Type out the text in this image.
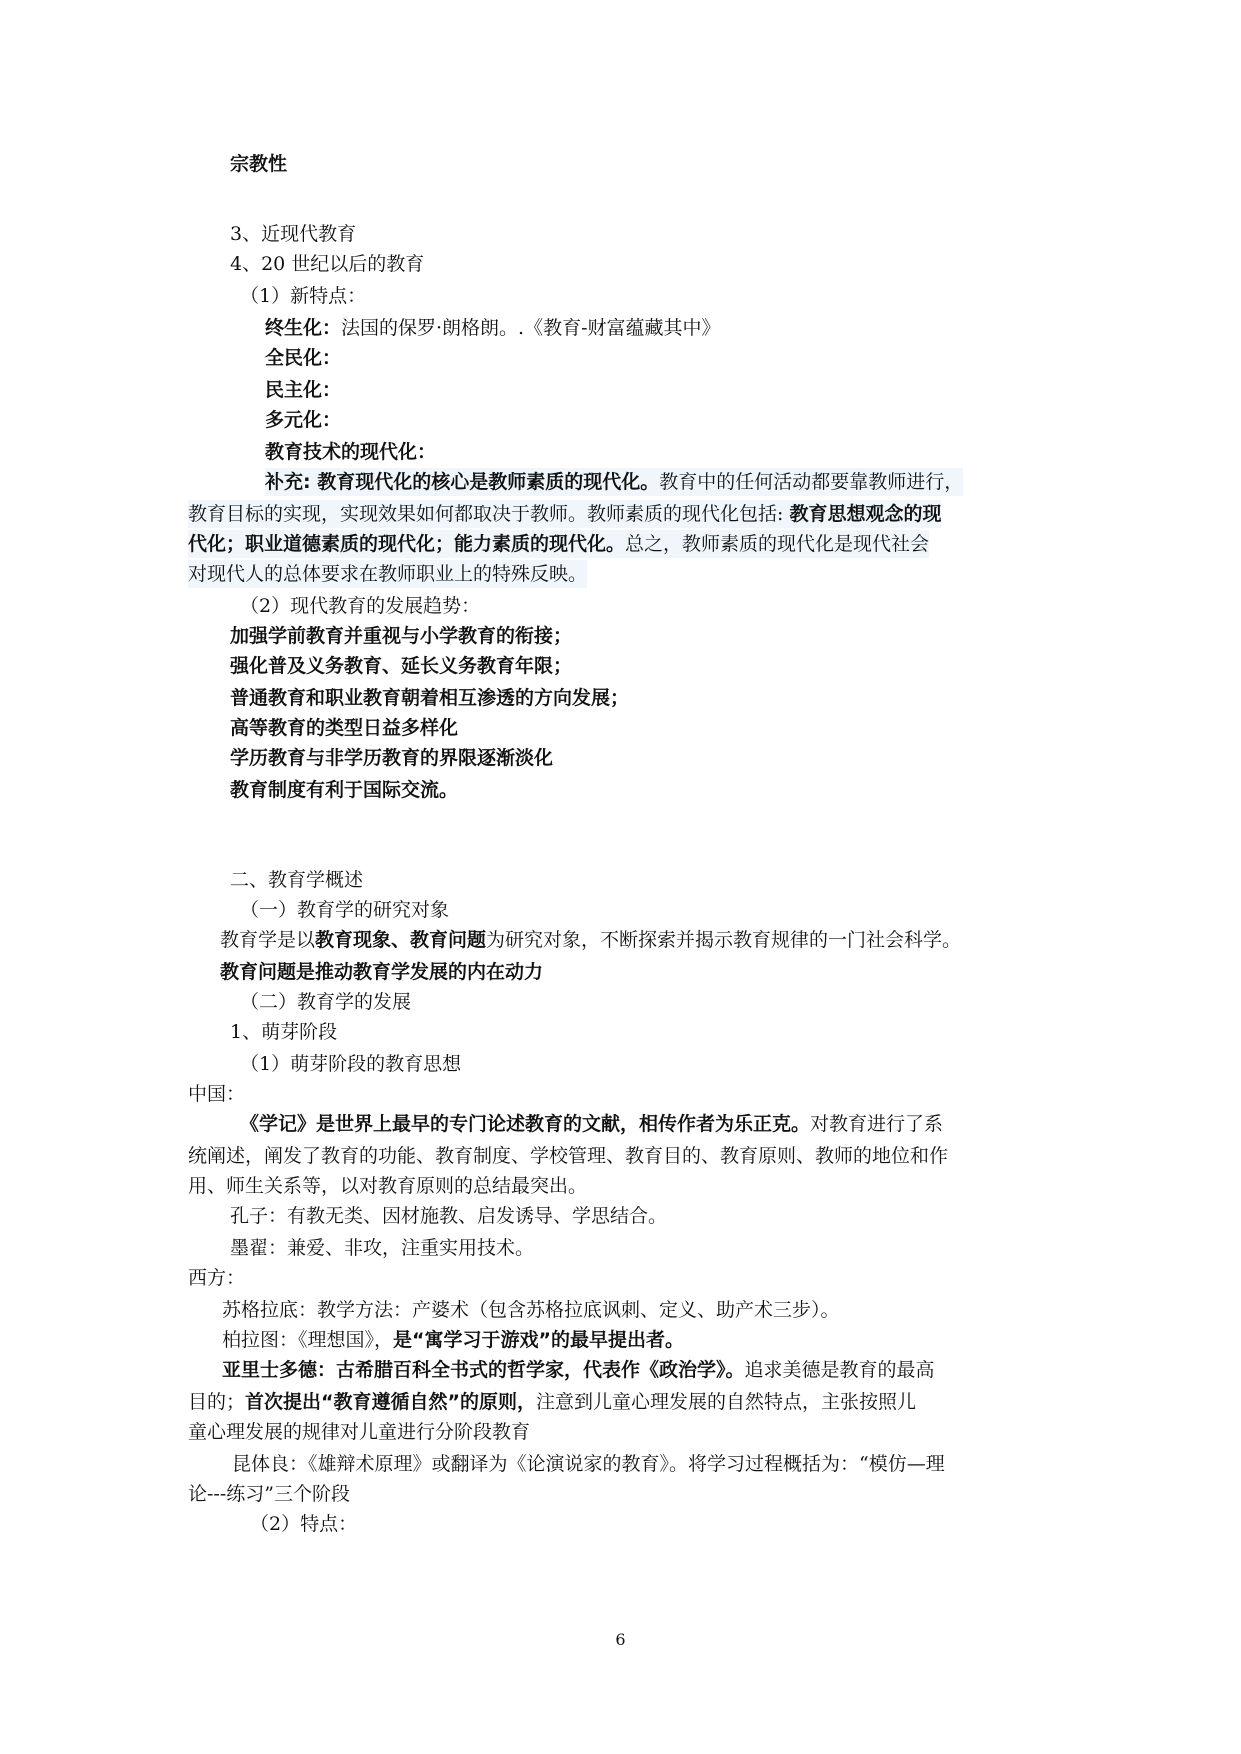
宗教性
3、近现代教育
4、20 世纪以后的教育
（1）新特点：
终生化：法国的保罗·朗格朗。.《教育-财富蕴藏其中》
全民化：
民主化：
多元化：
教育技术的现代化：
补充: 教育现代化的核心是教师素质的现代化。教育中的任何活动都要靠教师进行，
教育目标的实现，实现效果如何都取决于教师。教师素质的现代化包括: 教育思想观念的现
代化；职业道德素质的现代化；能力素质的现代化。总之，教师素质的现代化是现代社会
对现代人的总体要求在教师职业上的特殊反映。
（2）现代教育的发展趋势：
加强学前教育并重视与小学教育的衔接；
强化普及义务教育、延长义务教育年限；
普通教育和职业教育朝着相互渗透的方向发展；
高等教育的类型日益多样化
学历教育与非学历教育的界限逐渐淡化
教育制度有利于国际交流。
二、教育学概述
（一）教育学的研究对象
教育学是以教育现象、教育问题为研究对象，不断探索并揭示教育规律的一门社会科学。
教育问题是推动教育学发展的内在动力
（二）教育学的发展
1、萌芽阶段
（1）萌芽阶段的教育思想
中国：
《学记》是世界上最早的专门论述教育的文献，相传作者为乐正克。对教育进行了系
统阐述，阐发了教育的功能、教育制度、学校管理、教育目的、教育原则、教师的地位和作
用、师生关系等，以对教育原则的总结最突出。
孔子：有教无类、因材施教、启发诱导、学思结合。
墨翟：兼爱、非攻，注重实用技术。
西方：
苏格拉底：教学方法：产婆术（包含苏格拉底讽刺、定义、助产术三步）。
柏拉图：《理想国》，是“寓学习于游戏”的最早提出者。
亚里士多德：古希腊百科全书式的哲学家，代表作《政治学》。追求美德是教育的最高
目的；首次提出“教育遵循自然”的原则，注意到儿童心理发展的自然特点，主张按照儿
童心理发展的规律对儿童进行分阶段教育
昆体良：《雄辩术原理》或翻译为《论演说家的教育》。将学习过程概括为：“模仿—理
论---练习”三个阶段
（2）特点：
6
